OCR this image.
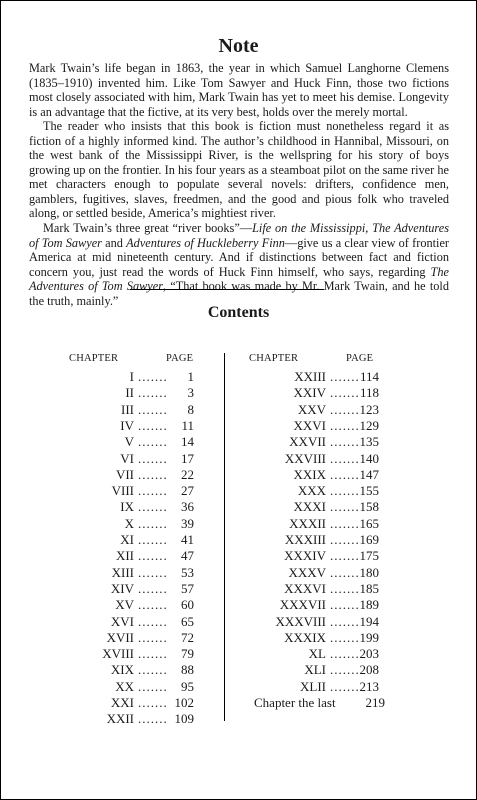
Note

Mark Twain’s life began in 1863, the year in which Samuel Langhorne Clemens (1835–1910) invented him. Like Tom Sawyer and Huck Finn, those two fictions most closely associated with him, Mark Twain has yet to meet his demise. Longevity is an advantage that the fictive, at its very best, holds over the merely mortal.

The reader who insists that this book is fiction must nonetheless regard it as fiction of a highly informed kind. The author’s childhood in Hannibal, Missouri, on the west bank of the Mississippi River, is the wellspring for his story of boys growing up on the frontier. In his four years as a steamboat pilot on the same river he met characters enough to populate several novels: drifters, confidence men, gamblers, fugitives, slaves, freedmen, and the good and pious folk who traveled along, or settled beside, America’s mightiest river.

Mark Twain’s three great “river books”—Life on the Mississippi, The Adventures of Tom Sawyer and Adventures of Huckleberry Finn—give us a clear view of frontier America at mid nineteenth century. And if distinctions between fact and fiction concern you, just read the words of Huck Finn himself, who says, regarding The Adventures of Tom Sawyer, “That book was made by Mr. Mark Twain, and he told the truth, mainly.”

Contents
CHAPTER	PAGE	CHAPTER	PAGE
I ....... 1
II ....... 3
III ....... 8
IV ....... 11
V ....... 14
VI ....... 17
VII ....... 22
VIII ....... 27
IX ....... 36
X ....... 39
XI ....... 41
XII ....... 47
XIII ....... 53
XIV ....... 57
XV ....... 60
XVI ....... 65
XVII ....... 72
XVIII ....... 79
XIX ....... 88
XX ....... 95
XXI ....... 102
XXII ....... 109
XXIII ....... 114
XXIV ....... 118
XXV ....... 123
XXVI ....... 129
XXVII ....... 135
XXVIII ....... 140
XXIX ....... 147
XXX ....... 155
XXXI ....... 158
XXXII ....... 165
XXXIII ....... 169
XXXIV ....... 175
XXXV ....... 180
XXXVI ....... 185
XXXVII ....... 189
XXXVIII ....... 194
XXXIX ....... 199
XL ....... 203
XLI ....... 208
XLII ....... 213
Chapter the last 219
